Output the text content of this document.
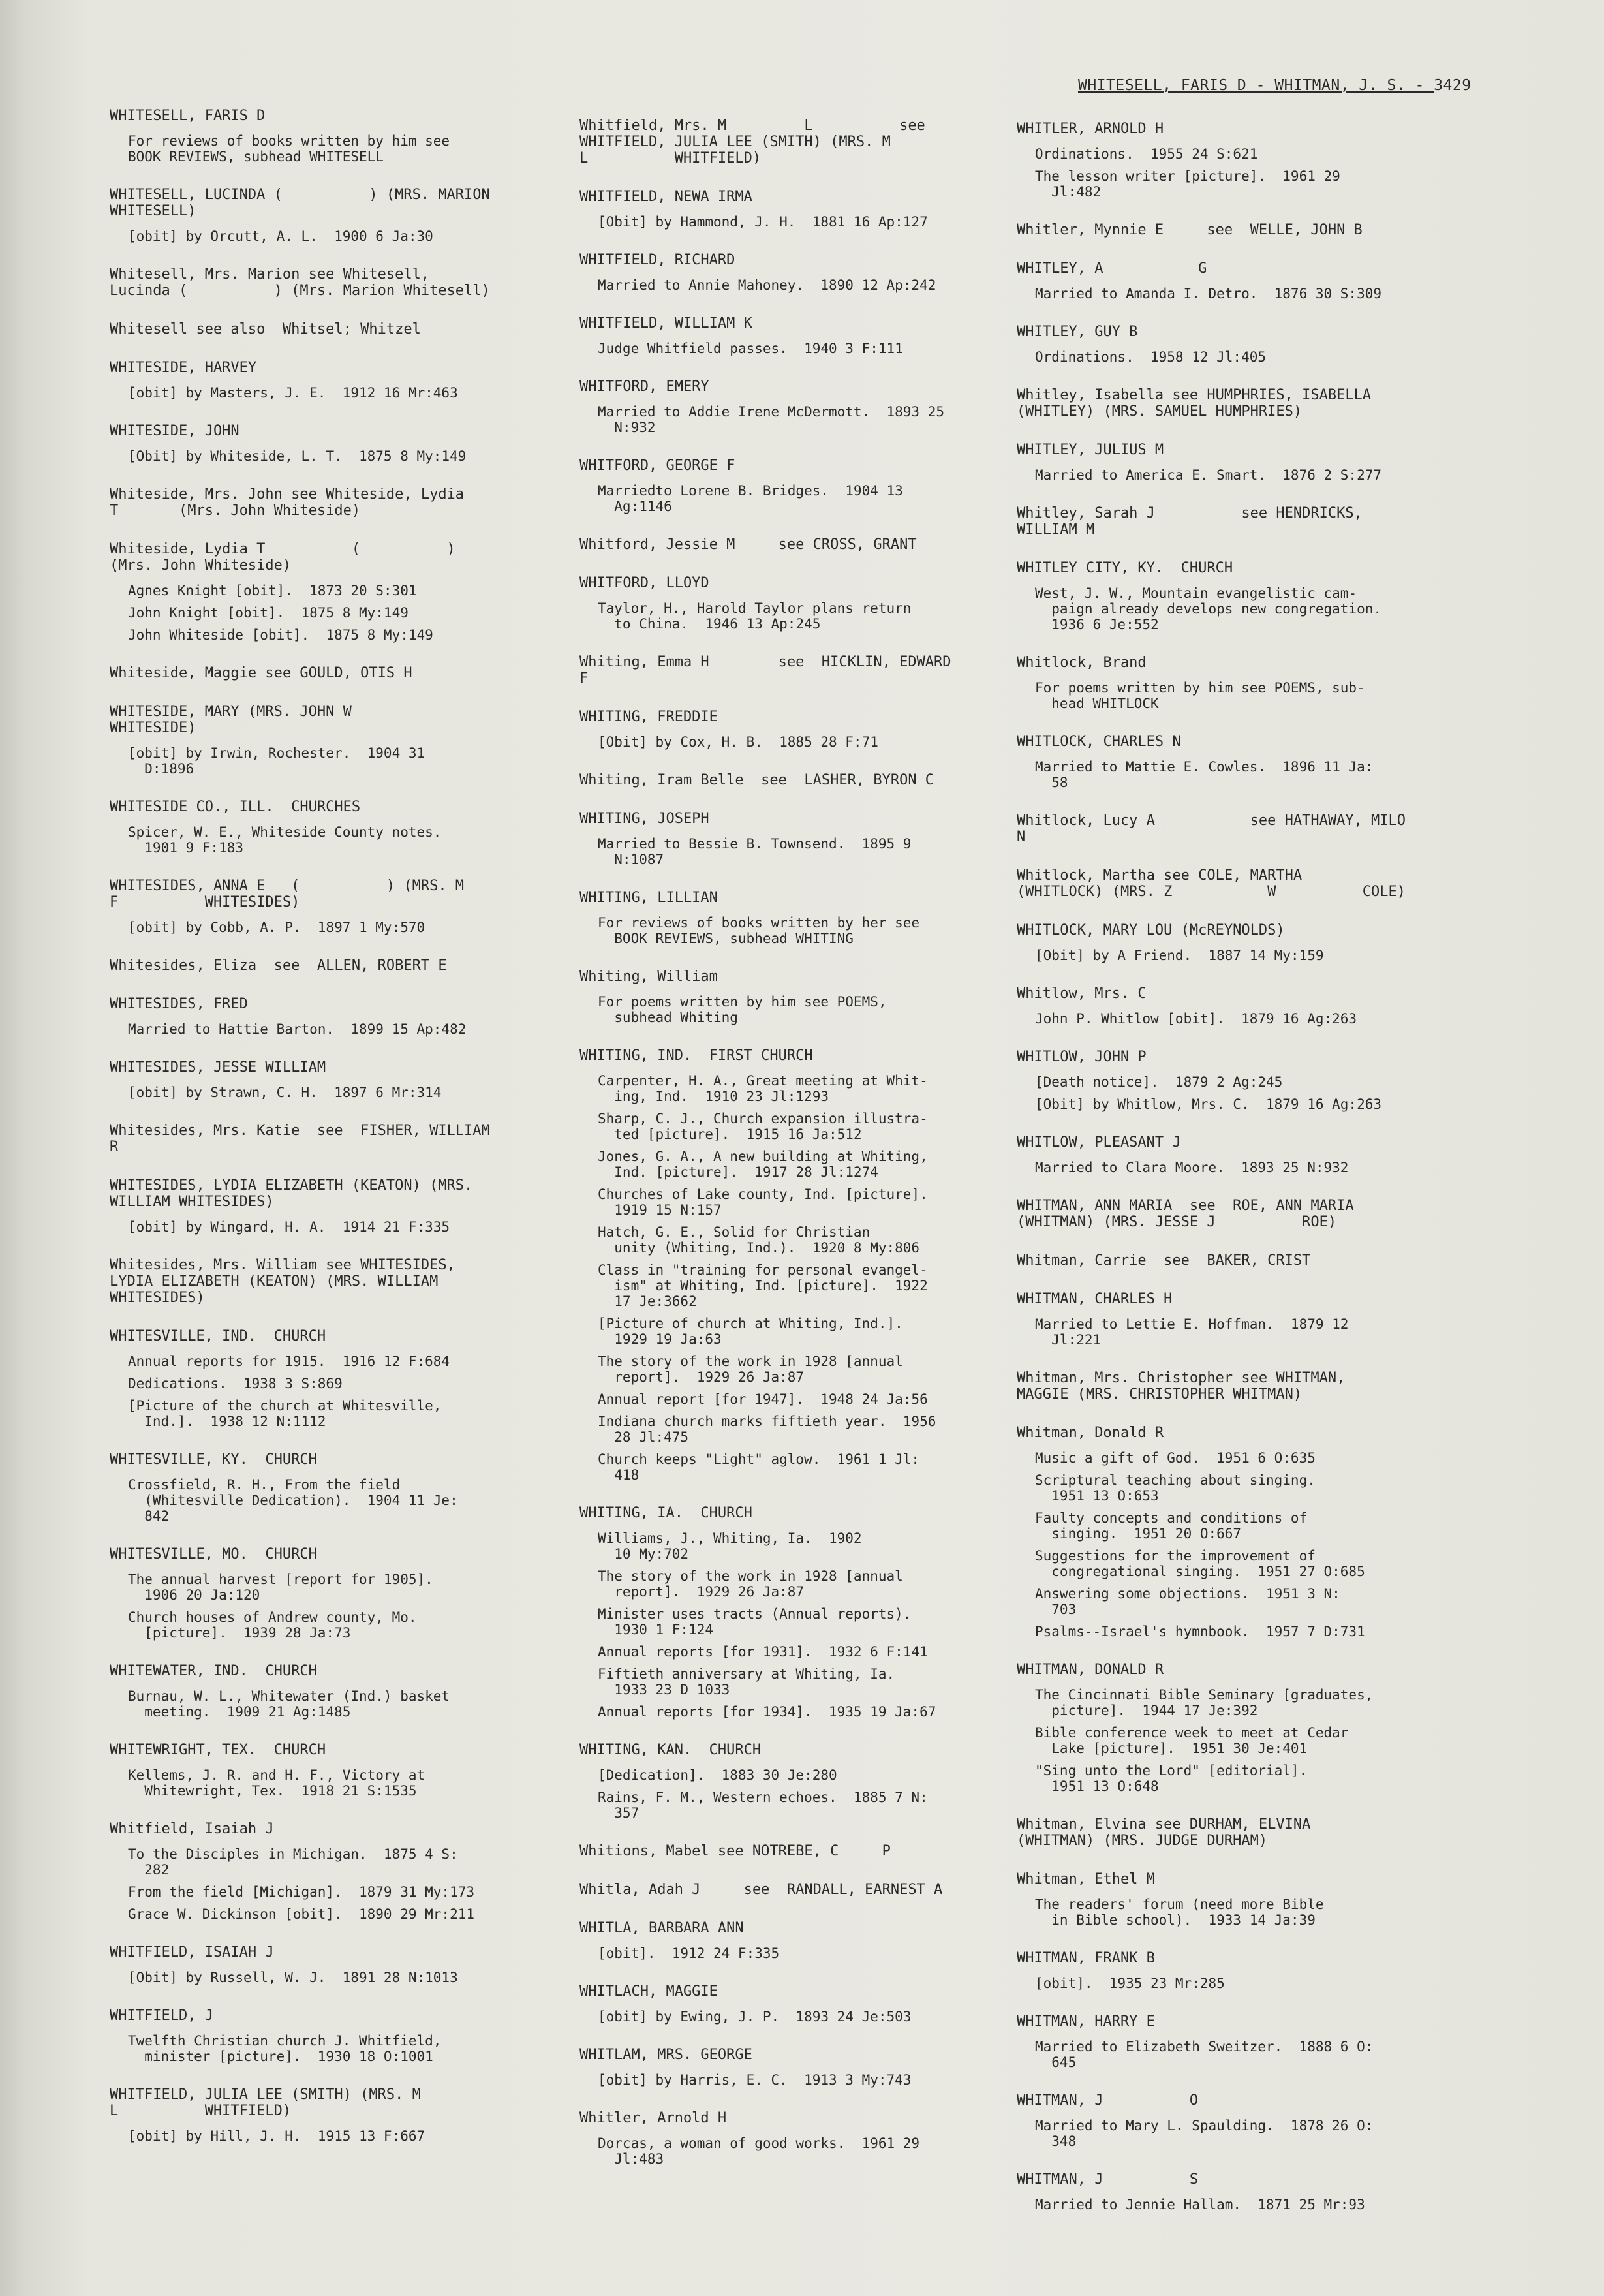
WHITESELL, FARIS D - WHITMAN, J. S. - 3429
WHITESELL, FARIS D
For reviews of books written by him see
BOOK REVIEWS, subhead WHITESELL
WHITESELL, LUCINDA (          ) (MRS. MARION
WHITESELL)
[obit] by Orcutt, A. L.  1900 6 Ja:30
Whitesell, Mrs. Marion see Whitesell,
Lucinda (          ) (Mrs. Marion Whitesell)
Whitesell see also  Whitsel; Whitzel
WHITESIDE, HARVEY
[obit] by Masters, J. E.  1912 16 Mr:463
WHITESIDE, JOHN
[Obit] by Whiteside, L. T.  1875 8 My:149
Whiteside, Mrs. John see Whiteside, Lydia
T       (Mrs. John Whiteside)
Whiteside, Lydia T          (          )
(Mrs. John Whiteside)
Agnes Knight [obit].  1873 20 S:301
John Knight [obit].  1875 8 My:149
John Whiteside [obit].  1875 8 My:149
Whiteside, Maggie see GOULD, OTIS H
WHITESIDE, MARY (MRS. JOHN W
WHITESIDE)
[obit] by Irwin, Rochester.  1904 31
D:1896
WHITESIDE CO., ILL.  CHURCHES
Spicer, W. E., Whiteside County notes.
1901 9 F:183
WHITESIDES, ANNA E   (          ) (MRS. M
F          WHITESIDES)
[obit] by Cobb, A. P.  1897 1 My:570
Whitesides, Eliza  see  ALLEN, ROBERT E
WHITESIDES, FRED
Married to Hattie Barton.  1899 15 Ap:482
WHITESIDES, JESSE WILLIAM
[obit] by Strawn, C. H.  1897 6 Mr:314
Whitesides, Mrs. Katie  see  FISHER, WILLIAM
R
WHITESIDES, LYDIA ELIZABETH (KEATON) (MRS.
WILLIAM WHITESIDES)
[obit] by Wingard, H. A.  1914 21 F:335
Whitesides, Mrs. William see WHITESIDES,
LYDIA ELIZABETH (KEATON) (MRS. WILLIAM
WHITESIDES)
WHITESVILLE, IND.  CHURCH
Annual reports for 1915.  1916 12 F:684
Dedications.  1938 3 S:869
[Picture of the church at Whitesville,
Ind.].  1938 12 N:1112
WHITESVILLE, KY.  CHURCH
Crossfield, R. H., From the field
(Whitesville Dedication).  1904 11 Je:
842
WHITESVILLE, MO.  CHURCH
The annual harvest [report for 1905].
1906 20 Ja:120
Church houses of Andrew county, Mo.
[picture].  1939 28 Ja:73
WHITEWATER, IND.  CHURCH
Burnau, W. L., Whitewater (Ind.) basket
meeting.  1909 21 Ag:1485
WHITEWRIGHT, TEX.  CHURCH
Kellems, J. R. and H. F., Victory at
Whitewright, Tex.  1918 21 S:1535
Whitfield, Isaiah J
To the Disciples in Michigan.  1875 4 S:
282
From the field [Michigan].  1879 31 My:173
Grace W. Dickinson [obit].  1890 29 Mr:211
WHITFIELD, ISAIAH J
[Obit] by Russell, W. J.  1891 28 N:1013
WHITFIELD, J
Twelfth Christian church J. Whitfield,
minister [picture].  1930 18 O:1001
WHITFIELD, JULIA LEE (SMITH) (MRS. M
L          WHITFIELD)
[obit] by Hill, J. H.  1915 13 F:667
Whitfield, Mrs. M         L          see
WHITFIELD, JULIA LEE (SMITH) (MRS. M
L          WHITFIELD)
WHITFIELD, NEWA IRMA
[Obit] by Hammond, J. H.  1881 16 Ap:127
WHITFIELD, RICHARD
Married to Annie Mahoney.  1890 12 Ap:242
WHITFIELD, WILLIAM K
Judge Whitfield passes.  1940 3 F:111
WHITFORD, EMERY
Married to Addie Irene McDermott.  1893 25
N:932
WHITFORD, GEORGE F
Marriedto Lorene B. Bridges.  1904 13
Ag:1146
Whitford, Jessie M     see CROSS, GRANT
WHITFORD, LLOYD
Taylor, H., Harold Taylor plans return
to China.  1946 13 Ap:245
Whiting, Emma H        see  HICKLIN, EDWARD
F
WHITING, FREDDIE
[Obit] by Cox, H. B.  1885 28 F:71
Whiting, Iram Belle  see  LASHER, BYRON C
WHITING, JOSEPH
Married to Bessie B. Townsend.  1895 9
N:1087
WHITING, LILLIAN
For reviews of books written by her see
BOOK REVIEWS, subhead WHITING
Whiting, William
For poems written by him see POEMS,
subhead Whiting
WHITING, IND.  FIRST CHURCH
Carpenter, H. A., Great meeting at Whit-
ing, Ind.  1910 23 Jl:1293
Sharp, C. J., Church expansion illustra-
ted [picture].  1915 16 Ja:512
Jones, G. A., A new building at Whiting,
Ind. [picture].  1917 28 Jl:1274
Churches of Lake county, Ind. [picture].
1919 15 N:157
Hatch, G. E., Solid for Christian
unity (Whiting, Ind.).  1920 8 My:806
Class in "training for personal evangel-
ism" at Whiting, Ind. [picture].  1922
17 Je:3662
[Picture of church at Whiting, Ind.].
1929 19 Ja:63
The story of the work in 1928 [annual
report].  1929 26 Ja:87
Annual report [for 1947].  1948 24 Ja:56
Indiana church marks fiftieth year.  1956
28 Jl:475
Church keeps "Light" aglow.  1961 1 Jl:
418
WHITING, IA.  CHURCH
Williams, J., Whiting, Ia.  1902
10 My:702
The story of the work in 1928 [annual
report].  1929 26 Ja:87
Minister uses tracts (Annual reports).
1930 1 F:124
Annual reports [for 1931].  1932 6 F:141
Fiftieth anniversary at Whiting, Ia.
1933 23 D 1033
Annual reports [for 1934].  1935 19 Ja:67
WHITING, KAN.  CHURCH
[Dedication].  1883 30 Je:280
Rains, F. M., Western echoes.  1885 7 N:
357
Whitions, Mabel see NOTREBE, C     P
Whitla, Adah J     see  RANDALL, EARNEST A
WHITLA, BARBARA ANN
[obit].  1912 24 F:335
WHITLACH, MAGGIE
[obit] by Ewing, J. P.  1893 24 Je:503
WHITLAM, MRS. GEORGE
[obit] by Harris, E. C.  1913 3 My:743
Whitler, Arnold H
Dorcas, a woman of good works.  1961 29
Jl:483
WHITLER, ARNOLD H
Ordinations.  1955 24 S:621
The lesson writer [picture].  1961 29
Jl:482
Whitler, Mynnie E     see  WELLE, JOHN B
WHITLEY, A           G
Married to Amanda I. Detro.  1876 30 S:309
WHITLEY, GUY B
Ordinations.  1958 12 Jl:405
Whitley, Isabella see HUMPHRIES, ISABELLA
(WHITLEY) (MRS. SAMUEL HUMPHRIES)
WHITLEY, JULIUS M
Married to America E. Smart.  1876 2 S:277
Whitley, Sarah J          see HENDRICKS,
WILLIAM M
WHITLEY CITY, KY.  CHURCH
West, J. W., Mountain evangelistic cam-
paign already develops new congregation.
1936 6 Je:552
Whitlock, Brand
For poems written by him see POEMS, sub-
head WHITLOCK
WHITLOCK, CHARLES N
Married to Mattie E. Cowles.  1896 11 Ja:
58
Whitlock, Lucy A           see HATHAWAY, MILO
N
Whitlock, Martha see COLE, MARTHA
(WHITLOCK) (MRS. Z           W          COLE)
WHITLOCK, MARY LOU (McREYNOLDS)
[Obit] by A Friend.  1887 14 My:159
Whitlow, Mrs. C
John P. Whitlow [obit].  1879 16 Ag:263
WHITLOW, JOHN P
[Death notice].  1879 2 Ag:245
[Obit] by Whitlow, Mrs. C.  1879 16 Ag:263
WHITLOW, PLEASANT J
Married to Clara Moore.  1893 25 N:932
WHITMAN, ANN MARIA  see  ROE, ANN MARIA
(WHITMAN) (MRS. JESSE J          ROE)
Whitman, Carrie  see  BAKER, CRIST
WHITMAN, CHARLES H
Married to Lettie E. Hoffman.  1879 12
Jl:221
Whitman, Mrs. Christopher see WHITMAN,
MAGGIE (MRS. CHRISTOPHER WHITMAN)
Whitman, Donald R
Music a gift of God.  1951 6 O:635
Scriptural teaching about singing.
1951 13 O:653
Faulty concepts and conditions of
singing.  1951 20 O:667
Suggestions for the improvement of
congregational singing.  1951 27 O:685
Answering some objections.  1951 3 N:
703
Psalms--Israel's hymnbook.  1957 7 D:731
WHITMAN, DONALD R
The Cincinnati Bible Seminary [graduates,
picture].  1944 17 Je:392
Bible conference week to meet at Cedar
Lake [picture].  1951 30 Je:401
"Sing unto the Lord" [editorial].
1951 13 O:648
Whitman, Elvina see DURHAM, ELVINA
(WHITMAN) (MRS. JUDGE DURHAM)
Whitman, Ethel M
The readers' forum (need more Bible
in Bible school).  1933 14 Ja:39
WHITMAN, FRANK B
[obit].  1935 23 Mr:285
WHITMAN, HARRY E
Married to Elizabeth Sweitzer.  1888 6 O:
645
WHITMAN, J          O
Married to Mary L. Spaulding.  1878 26 O:
348
WHITMAN, J          S
Married to Jennie Hallam.  1871 25 Mr:93
